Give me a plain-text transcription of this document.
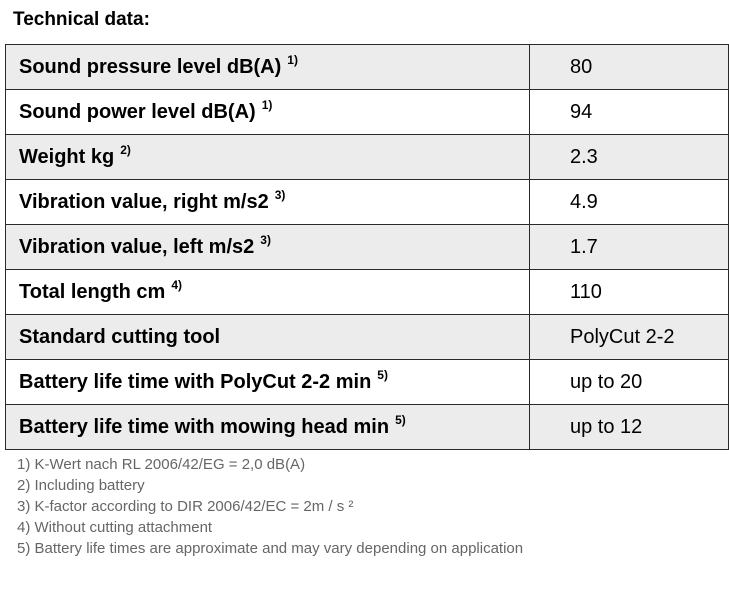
Technical data:
Sound pressure level dB(A) $^{1)}$	80
Sound power level dB(A) $^{1)}$	94
Weight kg $^{2)}$	2.3
Vibration value, right m/s2 $^{3)}$	4.9
Vibration value, left m/s2 $^{3)}$	1.7
Total length cm $^{4)}$	110
Standard cutting tool	PolyCut 2-2
Battery life time with PolyCut 2-2 min $^{5)}$	up to 20
Battery life time with mowing head min $^{5)}$	up to 12
1) K-Wert nach RL 2006/42/EG = 2,0 dB(A)
2) Including battery
3) K-factor according to DIR 2006/42/EC = 2m / s ²
4) Without cutting attachment
5) Battery life times are approximate and may vary depending on application
